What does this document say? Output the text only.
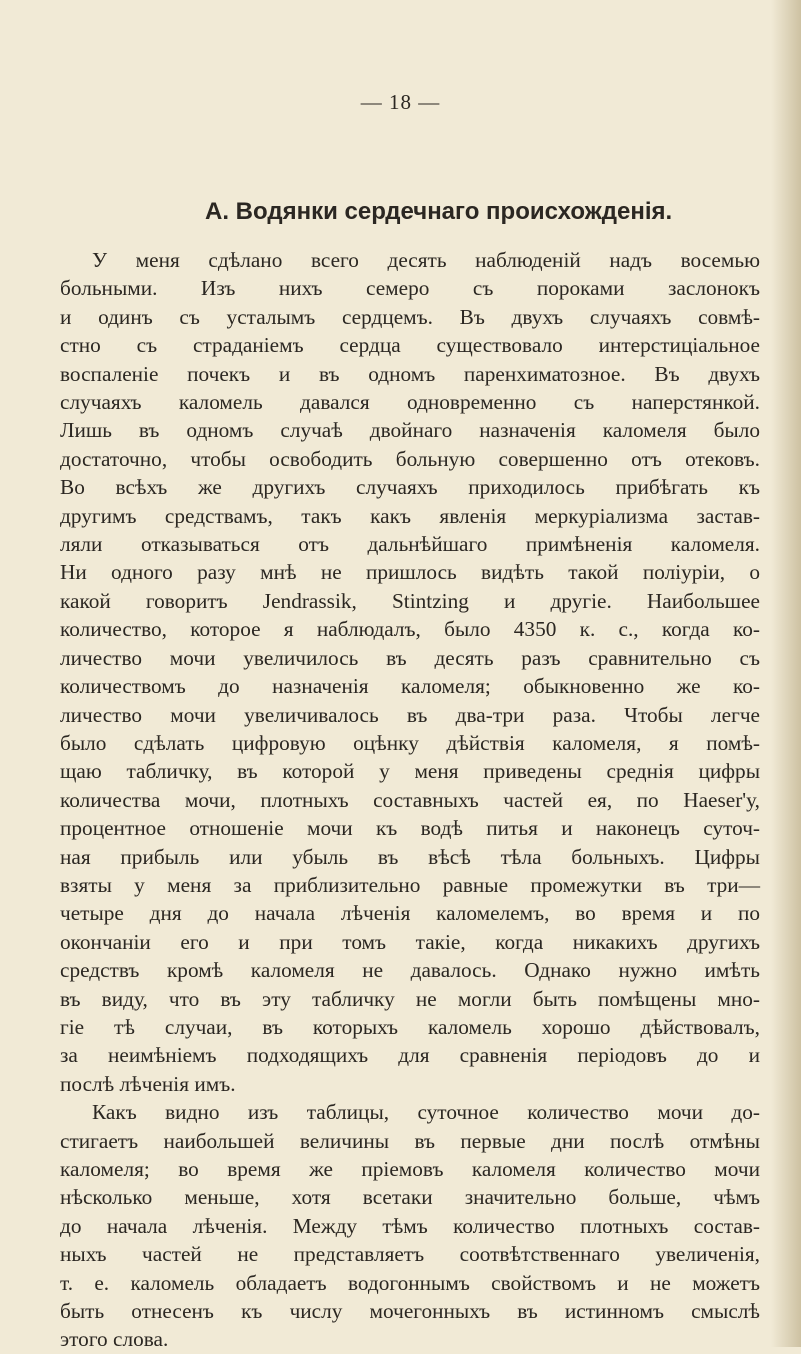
— 18 —
А. Водянки сердечнаго происхожденія.
У меня сдѣлано всего десять наблюденій надъ восемью
больными. Изъ нихъ семеро съ пороками заслонокъ
и одинъ съ усталымъ сердцемъ. Въ двухъ случаяхъ совмѣ-
стно съ страданіемъ сердца существовало интерстиціальное
воспаленіе почекъ и въ одномъ паренхиматозное. Въ двухъ
случаяхъ каломель давался одновременно съ наперстянкой.
Лишь въ одномъ случаѣ двойнаго назначенія каломеля было
достаточно, чтобы освободить больную совершенно отъ отековъ.
Во всѣхъ же другихъ случаяхъ приходилось прибѣгать къ
другимъ средствамъ, такъ какъ явленія меркуріализма застав-
ляли отказываться отъ дальнѣйшаго примѣненія каломеля.
Ни одного разу мнѣ не пришлось видѣть такой поліуріи, о
какой говоритъ Jendrassik, Stintzing и другіе. Наибольшее
количество, которое я наблюдалъ, было 4350 к. с., когда ко-
личество мочи увеличилось въ десять разъ сравнительно съ
количествомъ до назначенія каломеля; обыкновенно же ко-
личество мочи увеличивалось въ два-три раза. Чтобы легче
было сдѣлать цифровую оцѣнку дѣйствія каломеля, я помѣ-
щаю табличку, въ которой у меня приведены среднія цифры
количества мочи, плотныхъ составныхъ частей ея, по Haeser'у,
процентное отношеніе мочи къ водѣ питья и наконецъ суточ-
ная прибыль или убыль въ вѣсѣ тѣла больныхъ. Цифры
взяты у меня за приблизительно равные промежутки въ три—
четыре дня до начала лѣченія каломелемъ, во время и по
окончаніи его и при томъ такіе, когда никакихъ другихъ
средствъ кромѣ каломеля не давалось. Однако нужно имѣть
въ виду, что въ эту табличку не могли быть помѣщены мно-
гіе тѣ случаи, въ которыхъ каломель хорошо дѣйствовалъ,
за неимѣніемъ подходящихъ для сравненія періодовъ до и
послѣ лѣченія имъ.
Какъ видно изъ таблицы, суточное количество мочи до-
стигаетъ наибольшей величины въ первые дни послѣ отмѣны
каломеля; во время же пріемовъ каломеля количество мочи
нѣсколько меньше, хотя всетаки значительно больше, чѣмъ
до начала лѣченія. Между тѣмъ количество плотныхъ состав-
ныхъ частей не представляетъ соотвѣтственнаго увеличенія,
т. е. каломель обладаетъ водогоннымъ свойствомъ и не можетъ
быть отнесенъ къ числу мочегонныхъ въ истинномъ смыслѣ
этого слова.
